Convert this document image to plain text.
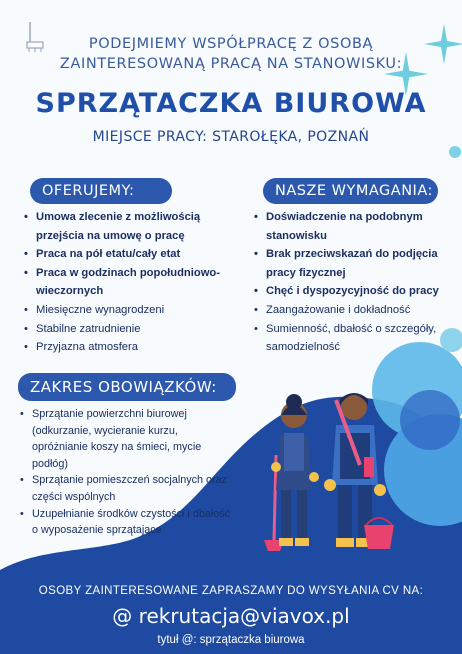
PODEJMIEMY WSPÓŁPRACĘ Z OSOBĄ
ZAINTERESOWANĄ PRACĄ NA STANOWISKU:
SPRZĄTACZKA BIUROWA
MIEJSCE PRACY: STAROŁĘKA, POZNAŃ
OFERUJEMY:
• Umowa zlecenie z możliwością
przejścia na umowę o pracę
• Praca na pół etatu/cały etat
• Praca w godzinach popołudniowo-
wieczornych
• Miesięczne wynagrodzeni
• Stabilne zatrudnienie
• Przyjazna atmosfera
NASZE WYMAGANIA:
• Doświadczenie na podobnym
stanowisku
• Brak przeciwskazań do podjęcia
pracy fizycznej
• Chęć i dyspozycyjność do pracy
• Zaangażowanie i dokładność
• Sumienność, dbałość o szczegóły,
samodzielność
ZAKRES OBOWIĄZKÓW:
• Sprzątanie powierzchni biurowej
(odkurzanie, wycieranie kurzu,
opróżnianie koszy na śmieci, mycie
podłóg)
• Sprzątanie pomieszczeń socjalnych oraz
części wspólnych
• Uzupełnianie środków czystości i dbałość
o wyposażenie sprzątające
OSOBY ZAINTERESOWANE ZAPRASZAMY DO WYSYŁANIA CV NA:
@ rekrutacja@viavox.pl
tytuł @: sprzątaczka biurowa
